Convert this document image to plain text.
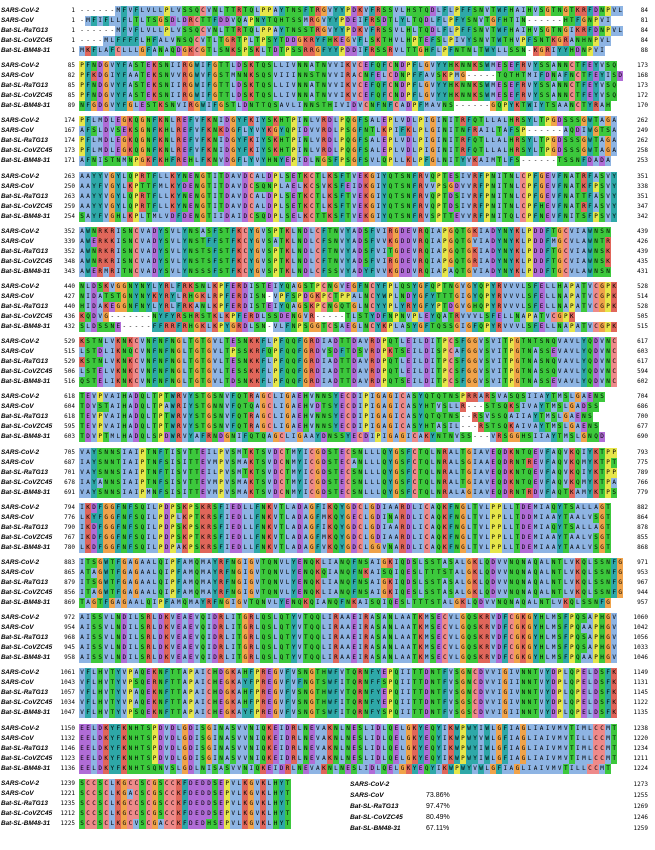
SARS-CoV-2	1 - - - - - - M F V F L V L L P L V S S Q C V N L T T R T Q L P P A Y T N S F T R G V Y Y P D K V F R S S V L H S T Q D L F L P F F S N V T W F H A I H V S G T N G T K R F D N P V L	84
SARS-CoV	1 - M F I F L L F L T L T S G S D L D R C T T F D D V Q A P N Y T Q H T S S M R G V Y Y P D E I F R S D T L Y L T Q D L F L P F Y S N V T G F H T I N - - - - - - H T F G N P V I	81
Bat-SL-RaTG13	1 - - - - - - M F V F L V L L P L V S S Q C V N L T T R T Q L P P A Y T N S S T R G V Y Y P D K V F R S S V L H L T Q D L F L P F F S N V T W F H A I H V S G T N G I K R F D N P V L	84
Bat-SL-CoVZC45	1 - - - - M L F F F F L H F A L V N S Q C V T L T G R T P L T P S Y T D D G K R Y F H K E G V F L S K T H V L H P T E F S L P I V Y S N V T W T H V P F S N T K G R A N H N P V L	84
Bat-SL-BM48-31	1 M K F L A F C L L L G F A N A Q D G K C G T L S N K S P S K L T D T P S S R R G F Y Y P D D I F R S S R V L T T G H F L P F N T N L T W Y L L S S N - K G R I Y Y H D N P V I	88
SARS-CoV-2	85 P F N D G V Y F A S T E K S N I I R G W I F G T T L D S K T Q S L L I V N N A T N V V I K V C E F Q F C N D P F L G V Y Y H K N N K S W M E S E F R V Y S S A N N C T F E Y V S Q	173
SARS-CoV	82 P F K D G I Y F A A T E K S N V V R G W V F G S T M N N K S Q S V I I I N N S T N V V I R A C N F E L C D N P F F A V S K P M G - - - - - T Q T H T M I F D N A F N C T F E Y I S D	168
Bat-SL-RaTG13	85 P F N D G V Y F A S T E K S N I I R G W I F G T T L D S K T Q S L L I V N N A T N V V I K V C E F Q F C N D P F L G V Y Y H K N N K S W M E S E F R V Y S S A N N C T F E Y V S Q	173
Bat-SL-CoVZC45	85 P F N D G V Y F A S T E K S N I I R G W I F G T T L D S K T Q S L L I V N N A T N V V I K V C E F Q F C N D P F L G V Y Y H K N N K S W M E S E F R V Y S S A N N C T F E Y V S Q	172
Bat-SL-BM48-31	89 N F G D G V Y F G L E S T K S N V I R G W I F G S T L D N T T Q S A V L I N N S T H I V I D V C N F N F C A D P F M A V N S - - - - - - G Q P Y K T W I Y T S A A N C T Y R A H	170
SARS-CoV-2	174 P F L M D L E G K Q G N F K N L R E F V F K N I D G Y F K I Y S K H T P I N L V R D L P Q G F S A L E P L V D L P I G I N I T R F Q T L L A L H R S Y L T P G D S S S G W T A G A	262
SARS-CoV	167 A F S L D V S E K S G N F K H L R E F V F K N K D G F L Y V Y K G Y Q P I D V V R D L P S G F N T L K P I F K L P L G I N I T N F R A I L T A F S P - - - - - - A Q D I W G T S A	249
Bat-SL-RaTG13	174 P F L M D L E G K Q G N F K N L R E F V F K N I D G Y F K I Y S K H T P I N L V R D L P Q G F S A L E P L V D L P I G I N I T R F Q T L L A L H R S Y L T P G D S S S G W T A G A	262
Bat-SL-CoVZC45	173 P F L M D L E G K Q G N F K N L R E F V F K N I D G Y F K I Y S K H T P I N L V R D L P Q G F S A L E P L V D L P I G I N I T R F Q T L L A L H R S Y L T P G D S S S G W T A G A	258
Bat-SL-BM48-31	171 A F N I S T N M N P G K F K H F R E H L F K N V D G F L Y V Y H N Y E P I D L N G S F P S G F S V L Q P L L K L P F G L N I T Y V K A I M T L F S - - - - - - T S S N F D A D A	253
SARS-CoV-2	263 A A Y Y V G Y L Q P R T F L L K Y N E N G T I T D A V D C A L D P L S E T K C T L K S F T V E K G I Y Q T S N F R V Q P T E S I V R F P N I T N L C P F G E V F N A T R F A S V Y	351
SARS-CoV	250 A A Y F V G Y L K P T T F M L K Y D E N G T I T D A V D C S Q N P L A E L K C S V K S F E I D K G I Y Q T S N F R V V P S G D V V R F P N I T N L C P F G E V F N A T K F P S V Y	338
Bat-SL-RaTG13	263 A A Y Y V G Y L Q P R T F L L K Y N E N G T I T D A V D C A L D P L S E T K C T L K S F T V E K G I Y Q T S N F R V Q P T D S I V R F P N I T N L C P F G E V F N A T T F A S V Y	351
Bat-SL-CoVZC45	259 A A Y Y V G Y L Q P R T F L L K Y N E N G T I T D A V D C A L D P L S E T K C T L K S F T V E K G I Y Q T S N F R V Q P T D S I V R F P N I T N L C P F H E V F N A T R F A S V Y	347
Bat-SL-BM48-31	254 S A Y F V G H L K P L T M L V D F D E N G T I I D A I D C S Q D P L S E L K C T T K S F T V E K G I Y Q T S N F R V S P T T E V V R F P N I T Q L C P F N E V F N I T S F P S V Y	342
SARS-CoV-2	352 A W N R K R I S N C V A D Y S V L Y N S A S F S T F K C Y G V S P T K L N D L C F T N V Y A D S F V I R G D E V R Q I A P G Q T G K I A D Y N Y K L P D D F T G C V I A W N S N	439
SARS-CoV	339 A W E R K K I S N C V A D Y S V L Y N S T F F S T F K C Y G V S A T K L N D L C F S N V Y A D S F V V K G D D V R Q I A P G Q T G V I A D Y N Y K L P D D F M G C V L A W N T R	426
Bat-SL-RaTG13	352 A W N R K R I S N C V A D Y S V L Y N S T S F S T F K C Y G V S P T K L N D L C F T N V Y A D S F V I T G D E V R Q I A P G Q T G K I A D Y N Y K L P D D F T G C V I A W N S K	439
Bat-SL-CoVZC45	348 A W N R K R I S N C V A D Y S V L Y N S T S F S T F K C Y G V S P T K L N D L C F T N V Y A D S F V I R G D E V R Q I A P G Q T G R I A D Y N Y K L P D D F T G C V I A W N S K	435
Bat-SL-BM48-31	343 A W E R M R I T N C V A D Y S V L Y N S S S F S T F K C Y G V S P T K L N D L C F S S V Y A D Y F V V K G D D V R Q I A P A Q T G V I A D Y N Y K L P D D F T G C V L A W N S N	431
SARS-CoV-2	440 N L D S K V G G N Y N Y L Y R L F R K S N L K P F E R D I S T E I Y Q A G S T P C N G V E G F N C Y F P L Q S Y G F Q P T N G V G Y Q P Y R V V V L S F E L L H A P A T V C G P K	528
SARS-CoV	427 N I D A T S T G N Y N Y K Y R Y L R H G K L R P F E R D I S N - V P F S P D G K P C T P P A L N C Y W P L N D Y G F Y T T T G I G Y Q P Y R V V V L S F E L L N A P A T V C G P K	514
Bat-SL-RaTG13	440 H I D A K E G G N F N Y L Y R L F R K A N L K P F E R D I S T E I Y Q A G S K P C N G Q T G L N C Y Y P L Y R Y G F Y P T D G V G H Q P Y R V V V L S F E L L N A P A T V C G P K	528
Bat-SL-CoVZC45	436 K Q D V G - - - - - - - N Y F Y R S H R S T K L K P F E R D L S S D E N G V R - - - - - T L S T Y D F N P N V P L E Y Q A T R V V V L S F E L L N A P A T V C G P K	505
Bat-SL-BM48-31	432 S L D S S N E - - - - - F F R R F R H G K L K P Y G R D L S N - V L F N P S G G T C S A E G L N C Y K P L A S Y G F T Q S S G I G F Q P Y R V V V L S F E L L N A P A T V C G P K	515
SARS-CoV-2	529 K S T N L V K N K C V N F N F N G L T G T G V L T E S N K K F L P F Q Q F G R D I A D T T D A V R D P Q T L E I L D I T P C S F G G V S V I T P G T N T S N Q V A V L Y Q D V N C	617
SARS-CoV	515 L S T D L I K N Q C V N F N F N G L T G T G V L T P S S K R F Q P F Q Q F G R D V S D F T D S V R D P K T S E I L D I S P C A F G G V S V I T P G T N A S S E V A V L Y Q D V N C	603
Bat-SL-RaTG13	529 K S T N L V K N K C V N F N F N G L T G T G V L T E S N K K F L P F Q Q F G R D I A D T T D A V R D P Q T L E I L D I T P C S F G G V S V I T P G T N A S N Q V A V L Y Q D V N C	617
Bat-SL-CoVZC45	506 L S T E L V K N K C V N F N F N G L T G T G V L T E S S K K F L P F Q Q F G R D I A D T T D A V R D P Q T L E I L D I T P C S F G G V S V I T P G T N A S S Q V A V L Y Q D V N C	594
Bat-SL-BM48-31	516 Q S T E L I K N K C V N F N F N G L T G T G V L T D S N K K F L P F Q Q F G R D I A D T T D A V R D P Q T S E I L D I T P C S F G G V S V I T P G T N A S S E V A V L Y Q D V N C	602
SARS-CoV-2	618 T E V P V A I H A D Q L T P T W R V Y S T G S N V F Q T R A G C L I G A E H V N N S Y E C D I P I G A G I C A S Y Q T Q T N S P R R A R S V A S Q S I I A Y T M S L G A E N S	704
SARS-CoV	604 T D V S T A I H A D Q L T P A W R I Y S T G N N V F Q T Q A G C L I G A E H V D T S Y E C D I P I G A G I C A S Y H T V S L L R - - - S T S Q K S I V A Y T M S L G A D S S	686
Bat-SL-RaTG13	618 T E V P V A I H A D Q L T P T W R V Y S T G S N V F Q T R A G C L I G A E H V N N S Y E C D I P I G A G I C A S Y Q T Q T N S - - R S V S S Q A I I A Y T M S L G A E N S	700
Bat-SL-CoVZC45	595 T E V P V A I H A D Q L T P T W R V Y S T G S N V F Q T R A G C L I G A E H V N N S Y E C D I P I G A G I C A S Y H T A S I L - - - R S T S Q K A I V A Y T M S L G A E N S	677
Bat-SL-BM48-31	603 T D V P T M L H A D Q L S P D W R V Y A F R N D G N I F Q T Q A G C L I G A A Y D N S S Y E C D I P I G A G I C A K Y N T N V S S - - - V R S G G H S I I A Y T M S L G N Q D	690
SARS-CoV-2	705 V A Y S N N S I A I P T N F T I S V T T E I L P V S M T K T S V D C T M Y I C G D S T E C S N L L L Q Y G S F C T Q L N R A L T G I A V E Q D K N T Q E V F A Q V K Q I Y K T P P	793
SARS-CoV	687 I A Y S N N T I A I P T N F S I S I T T E V M P V S M A K T S V D C N M Y I C G D S T E C A N L L L Q Y G S F C T Q L N R A L S G I A A E Q D R N T R E V F A Q V K Q M Y K T P T	775
Bat-SL-RaTG13	701 V A Y S N N S I A I P T N F T I S V T T E I L P V S M T K T S V D C T M Y I C G D S T E C S N L L L Q Y G S F C T Q L N R A L T G I A V E Q D K N T Q E V F A Q V K Q I Y K T P P	789
Bat-SL-CoVZC45	678 I A Y A N N S I A I P T N F S I S V T T E V M P V S M A K T S V D C T M Y I C G D S T E C S N L L L Q Y G S F C T Q L N R A L T G I A V E Q D K N T Q E V F A Q V K Q M Y K T P A	766
Bat-SL-BM48-31	691 V A Y S N N S I A I P M N F S I S I T T E V M P V S M A K T S V D C N M Y I C G D S T E C S N L L L Q Y G S F C T Q L N R A L A G I A V E Q D R N T R D V F A Q T K A M Y K T P S	779
SARS-CoV-2	794 I K D F G G F N F S Q I L P D P S K P S K R S F I E D L L F N K V T L A D A G F I K Q Y G D C L G D I A A R D L I C A Q K F N G L T V L P P L L T D E M I A Q Y T S A L L A G T	882
SARS-CoV	776 L K Y F G G F N F S Q I L P D P L K P T K R S F I E D L L F N K V T L A D A G F M K Q Y G E C L G D I N A R D L I C A Q K F N G L T V L P P L L T D D M I A A Y T A A L V S G T	864
Bat-SL-RaTG13	790 I K D F G G F N F S Q I L P D P S K P S K R S F I E D L L F N K V T L A D A G F I K Q Y G D C L G D I A A R D L I C A Q K F N G L T V L P P L L T D E M I A Q Y T S A L L A G T	878
Bat-SL-CoVZC45	767 I K D F G G F N F S Q I L P D P S K P T K R S F I E D L L F N K V T L A D A G F M K Q Y G D C L G D I A A R D L I C A Q K F N G L T V L P P L L T D E M I A A Y T A A L V S G T	855
Bat-SL-BM48-31	780 L K D F G G F N F S Q I L P D P A K P S K R S F I E D L L F N K V T L A D A G F V K Q Y G D C L G G V N A R D L I C A Q K F N G L T V L P P L L T D E M I A A Y T A A L V S G T	868
SARS-CoV-2	883 I T S G W T F G A G A A L Q I P F A M Q M A Y R F N G I G V T Q N V L Y E N Q K L I A N Q F N S A I G K I Q D S L S S T A S A L G K L Q D V V N Q N A Q A L N T L V K Q L S S N F G	971
SARS-CoV	865 A T A G W T F G A G A A L Q I P F A M Q M A Y R F N G I G V T Q N V L Y E N Q K Q I A N Q F N K A I S Q I Q E S L T T T S T A L G K L Q D V V N Q N A Q A L N T L V K Q L S S N F G	953
Bat-SL-RaTG13	879 I T S G W T F G A G A A L Q I P F A M Q M A Y R F N G I G V T Q N V L Y E N Q K L I A N Q F N S A I G K I Q D S L S S T A S A L G K L Q D V V N Q N A Q A L N T L V K Q L S S N F G	967
Bat-SL-CoVZC45	856 I T A G W T F G A G A A L Q I P F A M Q M A Y R F N G I G V T Q N V L Y E N Q K L I A N Q F N S A I G K I Q E S L S S T A S A L G K L Q D V V N Q N A Q A L N T L V K Q L S S N F G	944
Bat-SL-BM48-31	869 T A G T F G A G A A L Q I P F A M Q M A Y R F N G I G V T Q N V L Y E N Q K Q I A N Q F N K A I S Q I Q E S L T T T S T A L G K L Q D V V N Q N A Q A L N T L V K Q L S S N F G	957
SARS-CoV-2	972 A I S S V L N D I L S R L D K V E A E V Q I D R L I T G R L Q S L Q T Y V T Q Q L I R A A E I R A S A N L A A T K M S E C V L G Q S K R V D F C G K G Y H L M S F P Q S A P H G V	1060
SARS-CoV	954 A I S S V L N D I L S R L D K V E A E V Q I D R L I T G R L Q S L Q T Y V T Q Q L I R A A E I R A S A N L A A T K M S E C V L G Q S K R V D F C G K G Y H L M S F P Q A A P H G V	1042
Bat-SL-RaTG13	968 A I S S V L N D I L S R L D K V E A E V Q I D R L I T G R L Q S L Q T Y V T Q Q L I R A A E I R A S A N L A A T K M S E C V L G Q S K R V D F C G K G Y H L M S F P Q S A P H G V	1056
Bat-SL-CoVZC45	945 A I S S V L N D I L S R L D K V E A E V Q I D R L I T G R L Q S L Q T Y V T Q Q L I R A A E I R A S A N L A A T K M S E C V L G Q S K R V D F C G K G Y H L M S F P Q S A P H G V	1033
Bat-SL-BM48-31	958 A I S S V L N D I L S R L D K V E A E V Q I D R L I T G R L Q S L Q T Y V T Q Q L I R A A E I R A S A N L A A T K M S E C V L G Q S K R V D F C G K G Y H L M S F P Q A A P H G V	1046
SARS-CoV-2	1061 V F L H V T Y V P A Q E K N F T T A P A I C H D G K A H F P R E G V F V S N G T H W F V T Q R N F Y E P Q I I T T D N T F V S G N C D V V I G I V N N T V Y D P L Q P E L D S F K	1149
SARS-CoV	1043 V F L H V T Y V P S Q E R N F T T A P A I C H E G K A Y F P R E G V F V F N G T S W F I T Q R N F F S P Q I I T T D N T F V S G N C D V V I G I I N N T V Y D P L Q P E L D S F K	1131
Bat-SL-RaTG13	1057 V F L H V T Y V P A Q E K N F T T A P A I C H D G K A H F P R E G V F V S N G T H W F V T Q R N F Y E P Q I I T T D N T F V S G N C D V V I G I V N N T V Y D P L Q P E L D S F K	1145
Bat-SL-CoVZC45	1034 V F L H V T Y V P A Q E K N F T T A P A I C H E G K A H F P R E G V F V S N G T H W F I T Q R N F Y E P Q I I T T D N T F V S G S C D V V I G I V N N T V Y D P L Q P E L D S F K	1122
Bat-SL-BM48-31	1047 V F L H V T Y V P S Q E K N F T T A P A I C H E G K A Y F P R E G V F V S N G T S W F I T Q R N F Y S P Q I I T T D N T F V S G S C D V V I G I I N N T V Y D P L Q P E L D S F K	1135
SARS-CoV-2	1150 E E L D K Y F K N H T S P D V D L G D I S G I N A S V V N I Q K E I D R L N E V A K N L N E S L I D L Q E L G K Y E Q Y I K W P W Y I W L G F I A G L I A I V M V T I M L C C M T	1238
SARS-CoV	1132 E E L D K Y F K N H T S P D V D L G D I S G I N A S V V N I Q K E I D R L N E V A K N L N E S L I D L Q E L G K Y E Q Y I K W P W Y V W L G F I A G L I A I V M V T I L L C C M T	1220
Bat-SL-RaTG13	1146 E E L D K Y F K N H T S P D V D L G D I S G I N A S V V N I Q K E I D R L N E V A K N L N E S L I D L Q E L G K Y E Q Y I K W P W Y I W L G F I A G L I A I V M V T I M L C C M T	1234
Bat-SL-CoVZC45	1123 E E L D K Y F K N H T S P D V D L G D I S G I N A S V V N I Q K E I D R L N E V A K N L N E S L I D L Q E L G K Y E Q Y I K W P W Y I W L G F I A G L I A I V M V T I M L C C M T	1211
Bat-SL-BM48-31	1136 E E L D K Y F K N H T S Q N V S L G D L N I S A S V V N I Q K E I D R L N E V A K N L N E S L I D L Q E L G K Y E Q Y I K W P W Y V W L G F I A G L I A I V M V T I L L C C M T	1224
SARS-CoV-2	1239 S C C S C L K G C C S C G S C C K F D E D D S E P V L K G V K L H Y T
SARS-CoV	1221 S C C S C L K G A C S C G S C C K F D E D D S E P V L K G V K L H Y T
Bat-SL-RaTG13	1235 S C C S C L K G C C S C G S C C K F D E D D S E P V L K G V K L H Y T
Bat-SL-CoVZC45	1212 S C C S C L K G C C S C G S C C K F D E D D S E P V L K G V K L H Y T
Bat-SL-BM48-31	1225 S C C S C L K G C V S C G A C C K F D E D H S E P V L K G V K L H Y T
SARS-CoV-2	1273
SARS-CoV	73.86%	1255
Bat-SL-RaTG13	97.47%	1269
Bat-SL-CoVZC45	80.49%	1246
Bat-SL-BM48-31	67.11%	1259
